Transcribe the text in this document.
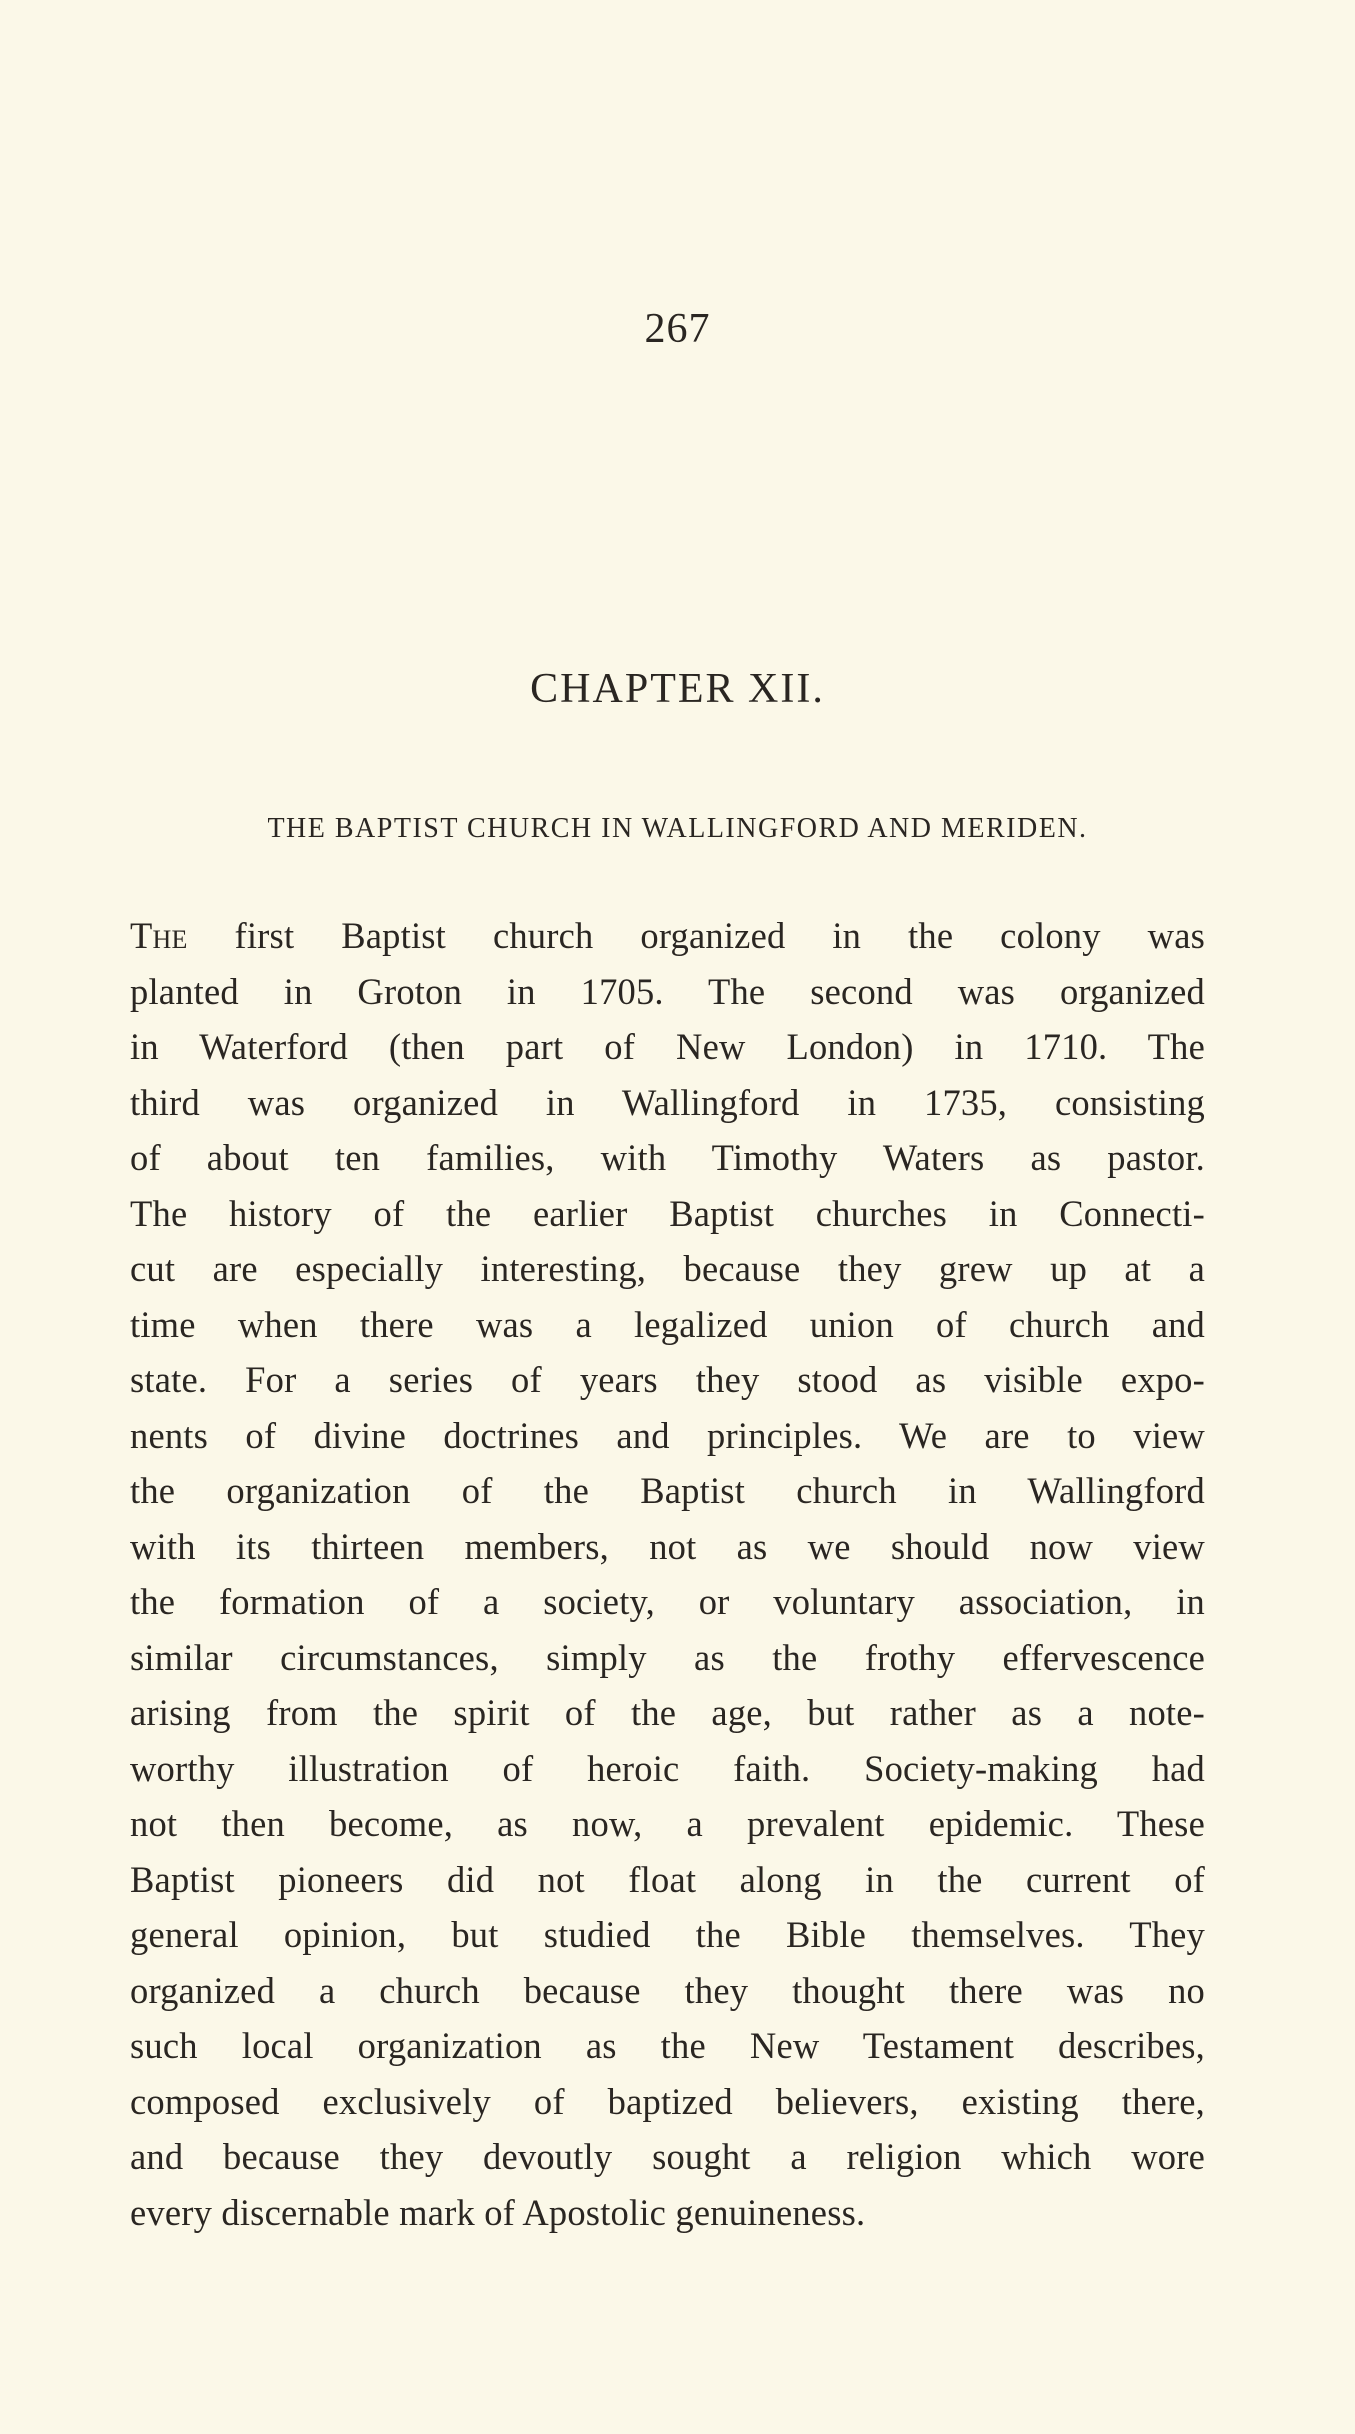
267
CHAPTER XII.
THE BAPTIST CHURCH IN WALLINGFORD AND MERIDEN.
The first Baptist church organized in the colony was
planted in Groton in 1705. The second was organized
in Waterford (then part of New London) in 1710. The
third was organized in Wallingford in 1735, consisting
of about ten families, with Timothy Waters as pastor.
The history of the earlier Baptist churches in Connecti-
cut are especially interesting, because they grew up at a
time when there was a legalized union of church and
state. For a series of years they stood as visible expo-
nents of divine doctrines and principles. We are to view
the organization of the Baptist church in Wallingford
with its thirteen members, not as we should now view
the formation of a society, or voluntary association, in
similar circumstances, simply as the frothy effervescence
arising from the spirit of the age, but rather as a note-
worthy illustration of heroic faith. Society-making had
not then become, as now, a prevalent epidemic. These
Baptist pioneers did not float along in the current of
general opinion, but studied the Bible themselves. They
organized a church because they thought there was no
such local organization as the New Testament describes,
composed exclusively of baptized believers, existing there,
and because they devoutly sought a religion which wore
every discernable mark of Apostolic genuineness.
